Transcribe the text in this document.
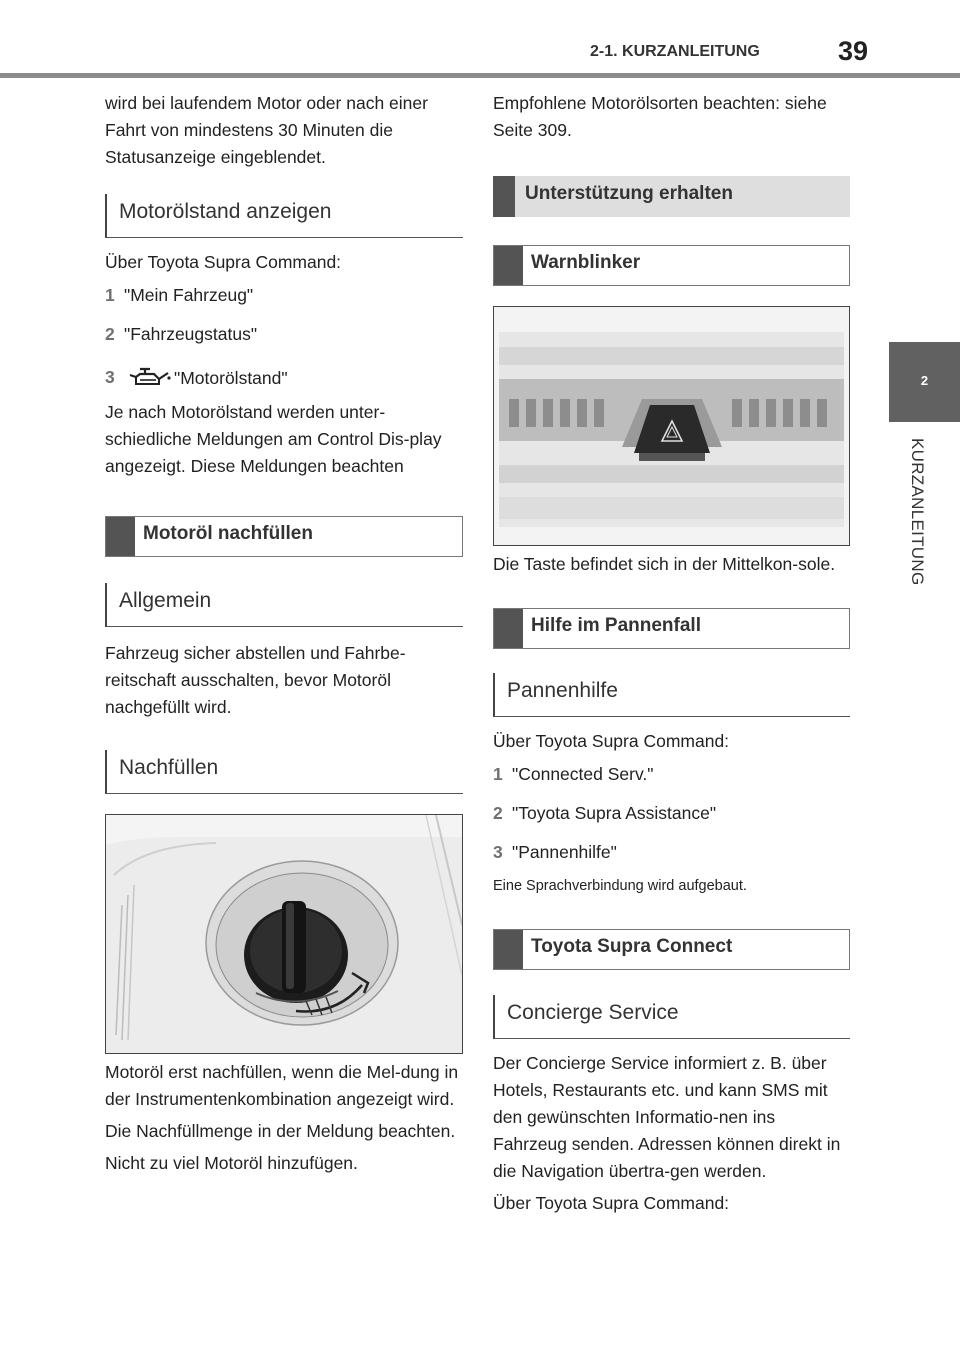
2-1. KURZANLEITUNG	39
2
KURZANLEITUNG
wird bei laufendem Motor oder nach einer Fahrt von mindestens 30 Minuten die Statusanzeige eingeblendet.
Motorölstand anzeigen
Über Toyota Supra Command:
1 "Mein Fahrzeug"
2 "Fahrzeugstatus"
3	"Motorölstand"
Je nach Motorölstand werden unter-schiedliche Meldungen am Control Dis-play angezeigt. Diese Meldungen beachten
Motoröl nachfüllen
Allgemein
Fahrzeug sicher abstellen und Fahrbe-reitschaft ausschalten, bevor Motoröl nachgefüllt wird.
Nachfüllen
Motoröl erst nachfüllen, wenn die Mel-dung in der Instrumentenkombination angezeigt wird.
Die Nachfüllmenge in der Meldung beachten.
Nicht zu viel Motoröl hinzufügen.
Empfohlene Motorölsorten beachten: siehe Seite 309.
Unterstützung erhalten
Warnblinker
Die Taste befindet sich in der Mittelkon-sole.
Hilfe im Pannenfall
Pannenhilfe
Über Toyota Supra Command:
1 "Connected Serv."
2 "Toyota Supra Assistance"
3 "Pannenhilfe"
Eine Sprachverbindung wird aufgebaut.
Toyota Supra Connect
Concierge Service
Der Concierge Service informiert z. B. über Hotels, Restaurants etc. und kann SMS mit den gewünschten Informatio-nen ins Fahrzeug senden. Adressen können direkt in die Navigation übertra-gen werden.
Über Toyota Supra Command:
